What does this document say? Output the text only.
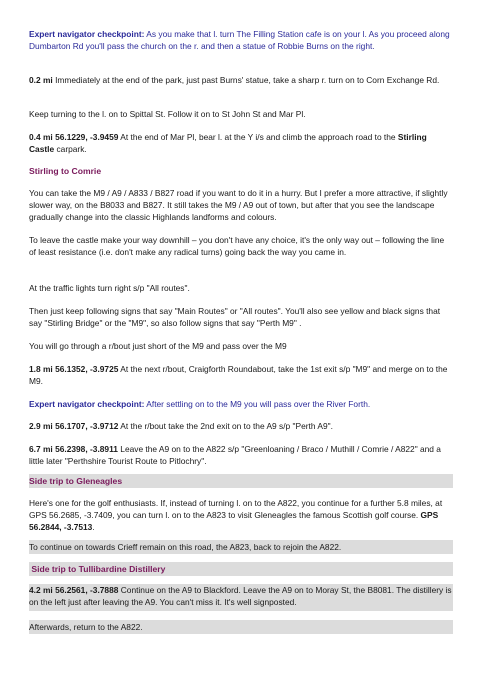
Expert navigator checkpoint: As you make that l. turn The Filling Station cafe is on your l. As you proceed along Dumbarton Rd you'll pass the church on the r. and then a statue of Robbie Burns on the right.

0.2 mi Immediately at the end of the park, just past Burns' statue, take a sharp r. turn on to Corn Exchange Rd.

Keep turning to the l. on to Spittal St. Follow it on to St John St and Mar Pl.

0.4 mi 56.1229, -3.9459 At the end of Mar Pl, bear l. at the Y i/s and climb the approach road to the Stirling Castle carpark.

Stirling to Comrie

You can take the M9 / A9 / A833 / B827 road if you want to do it in a hurry. But I prefer a more attractive, if slightly slower way, on the B8033 and B827. It still takes the M9 / A9 out of town, but after that you see the landscape gradually change into the classic Highlands landforms and colours.

To leave the castle make your way downhill – you don't have any choice, it's the only way out – following the line of least resistance (i.e. don't make any radical turns) going back the way you came in.

At the traffic lights turn right s/p "All routes".

Then just keep following signs that say "Main Routes" or "All routes". You'll also see yellow and black signs that say "Stirling Bridge" or the "M9", so also follow signs that say "Perth M9" .

You will go through a r/bout just short of the M9 and pass over the M9

1.8 mi 56.1352, -3.9725 At the next r/bout, Craigforth Roundabout, take the 1st exit s/p "M9" and merge on to the M9.

Expert navigator checkpoint: After settling on to the M9 you will pass over the River Forth.

2.9 mi 56.1707, -3.9712 At the r/bout take the 2nd exit on to the A9 s/p "Perth A9".

6.7 mi 56.2398, -3.8911 Leave the A9 on to the A822 s/p "Greenloaning / Braco / Muthill / Comrie / A822" and a little later "Perthshire Tourist Route to Pitlochry".

Side trip to Gleneagles

Here's one for the golf enthusiasts. If, instead of turning l. on to the A822, you continue for a further 5.8 miles, at GPS 56.2685, -3.7409, you can turn l. on to the A823 to visit Gleneagles the famous Scottish golf course. GPS 56.2844, -3.7513.

To continue on towards Crieff remain on this road, the A823, back to rejoin the A822.

Side trip to Tullibardine Distillery

4.2 mi 56.2561, -3.7888 Continue on the A9 to Blackford. Leave the A9 on to Moray St, the B8081. The distillery is on the left just after leaving the A9. You can't miss it. It's well signposted.

Afterwards, return to the A822.
